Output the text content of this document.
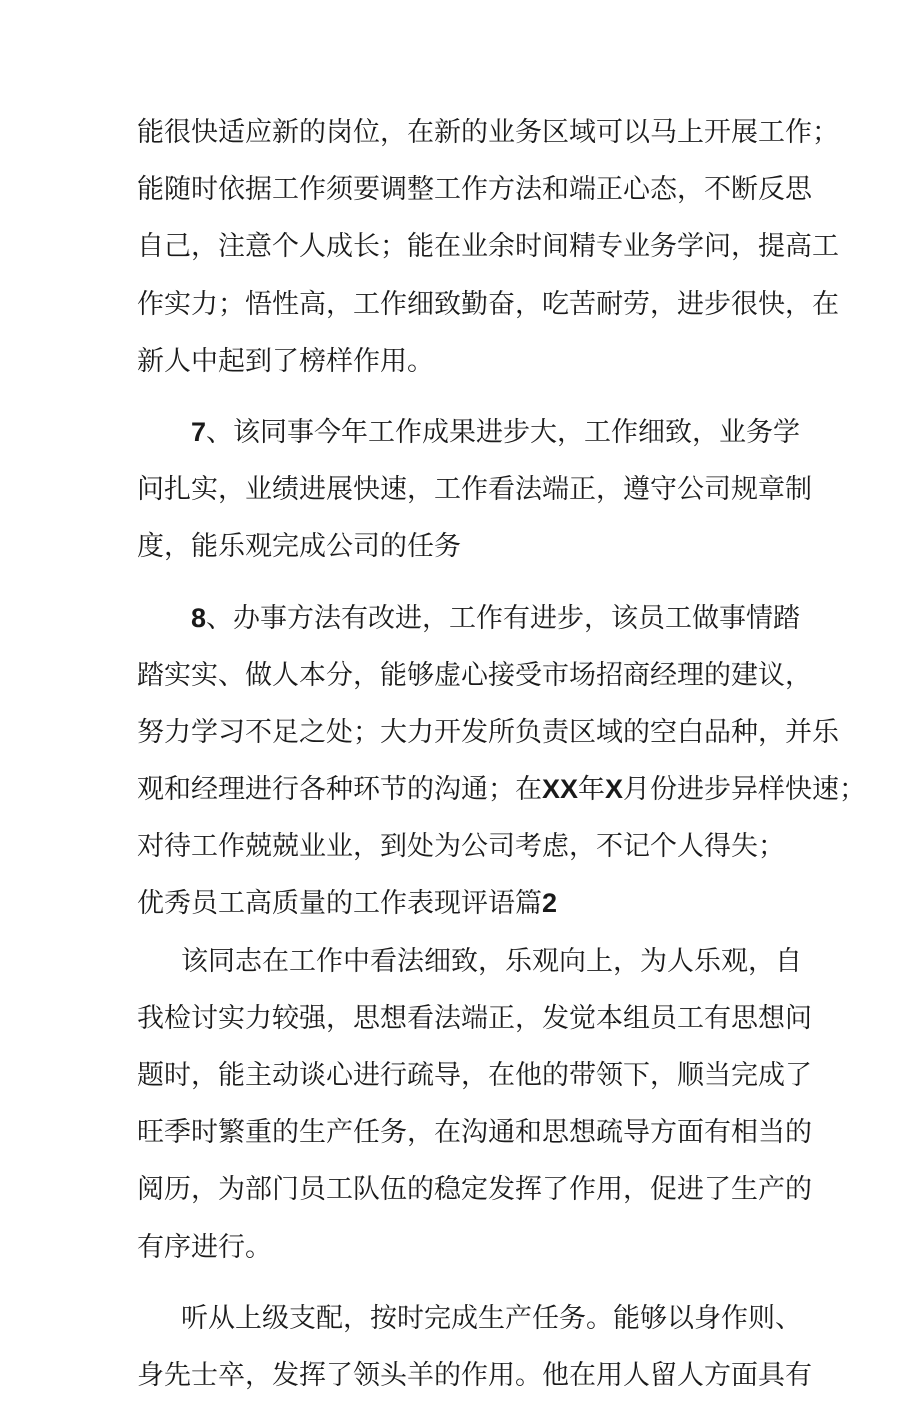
能很快适应新的岗位，在新的业务区域可以马上开展工作；
能随时依据工作须要调整工作方法和端正心态，不断反思
自己，注意个人成长；能在业余时间精专业务学问，提高工
作实力；悟性高，工作细致勤奋，吃苦耐劳，进步很快，在
新人中起到了榜样作用。
7、该同事今年工作成果进步大，工作细致，业务学
问扎实，业绩进展快速，工作看法端正，遵守公司规章制
度，能乐观完成公司的任务
8、办事方法有改进，工作有进步，该员工做事情踏
踏实实、做人本分，能够虚心接受市场招商经理的建议，
努力学习不足之处；大力开发所负责区域的空白品种，并乐
观和经理进行各种环节的沟通；在XX年X月份进步异样快速；
对待工作兢兢业业，到处为公司考虑，不记个人得失；
优秀员工高质量的工作表现评语篇2
该同志在工作中看法细致，乐观向上，为人乐观，自
我检讨实力较强，思想看法端正，发觉本组员工有思想问
题时，能主动谈心进行疏导，在他的带领下，顺当完成了
旺季时繁重的生产任务，在沟通和思想疏导方面有相当的
阅历，为部门员工队伍的稳定发挥了作用，促进了生产的
有序进行。
听从上级支配，按时完成生产任务。能够以身作则、
身先士卒，发挥了领头羊的作用。他在用人留人方面具有
